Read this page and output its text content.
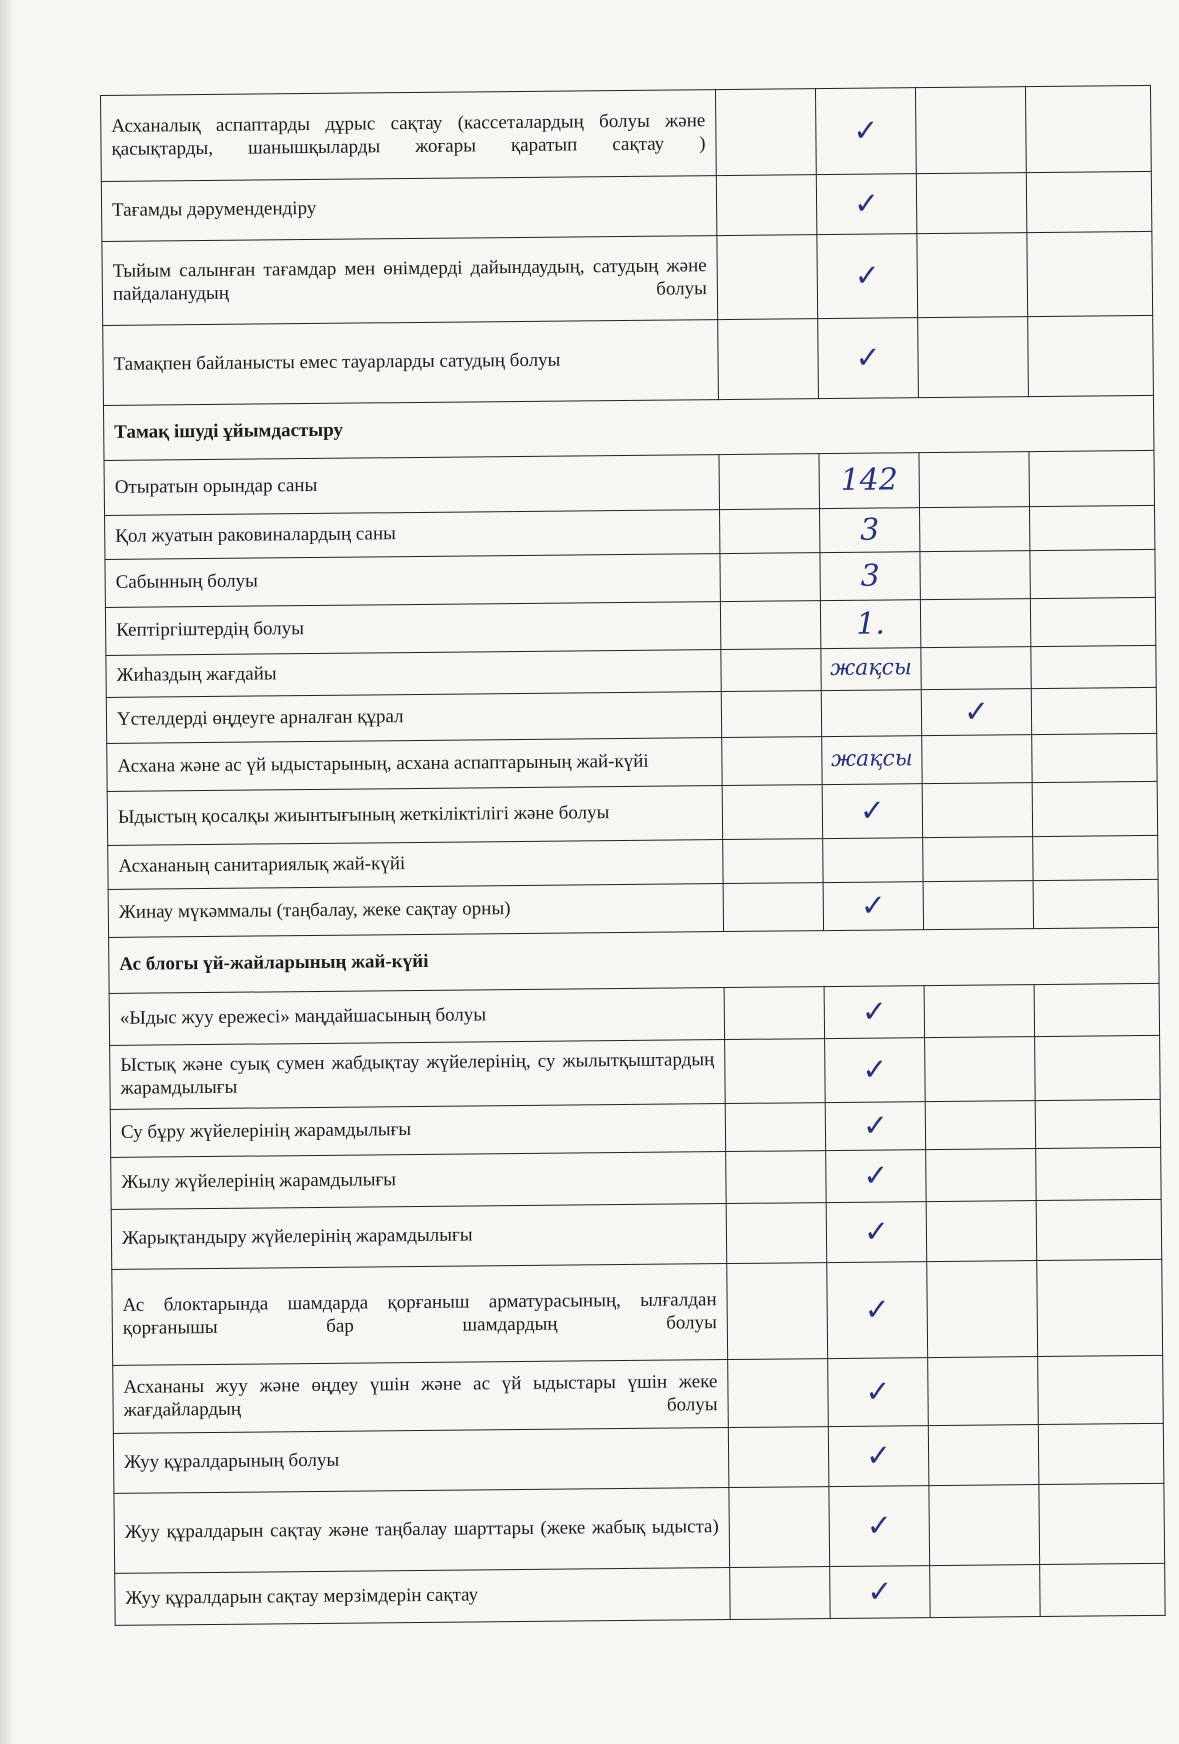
Асханалық аспаптарды дұрыс сақтау (кассеталардың болуы және қасықтарды, шанышқыларды жоғары қаратып сақтау )		✓		
Тағамды дәрумендендіру		✓		
Тыйым салынған тағамдар мен өнімдерді дайындаудың, сатудың және пайдаланудың болуы		✓		
Тамақпен байланысты емес тауарларды сатудың болуы		✓		
Тамақ ішуді ұйымдастыру				
Отыратын орындар саны		142		
Қол жуатын раковиналардың саны		3		
Сабынның болуы		3		
Кептіргіштердің болуы		1.		
Жиһаздың жағдайы		жақсы		
Үстелдерді өңдеуге арналған құрал			✓	
Асхана және ас үй ыдыстарының, асхана аспаптарының жай-күйі		жақсы		
Ыдыстың қосалқы жиынтығының жеткіліктілігі және болуы		✓		
Асхананың санитариялық жай-күйі				
Жинау мүкәммалы (таңбалау, жеке сақтау орны)		✓		
Ас блогы үй-жайларының жай-күйі				
«Ыдыс жуу ережесі» маңдайшасының болуы		✓		
Ыстық және суық сумен жабдықтау жүйелерінің, су жылытқыштардың жарамдылығы		✓		
Су бұру жүйелерінің жарамдылығы		✓		
Жылу жүйелерінің жарамдылығы		✓		
Жарықтандыру жүйелерінің жарамдылығы		✓		
Ас блоктарында шамдарда қорғаныш арматурасының, ылғалдан қорғанышы бар шамдардың болуы		✓		
Асхананы жуу және өңдеу үшін және ас үй ыдыстары үшін жеке жағдайлардың болуы		✓		
Жуу құралдарының болуы		✓		
Жуу құралдарын сақтау және таңбалау шарттары (жеке жабық ыдыста)		✓		
Жуу құралдарын сақтау мерзімдерін сақтау		✓		
